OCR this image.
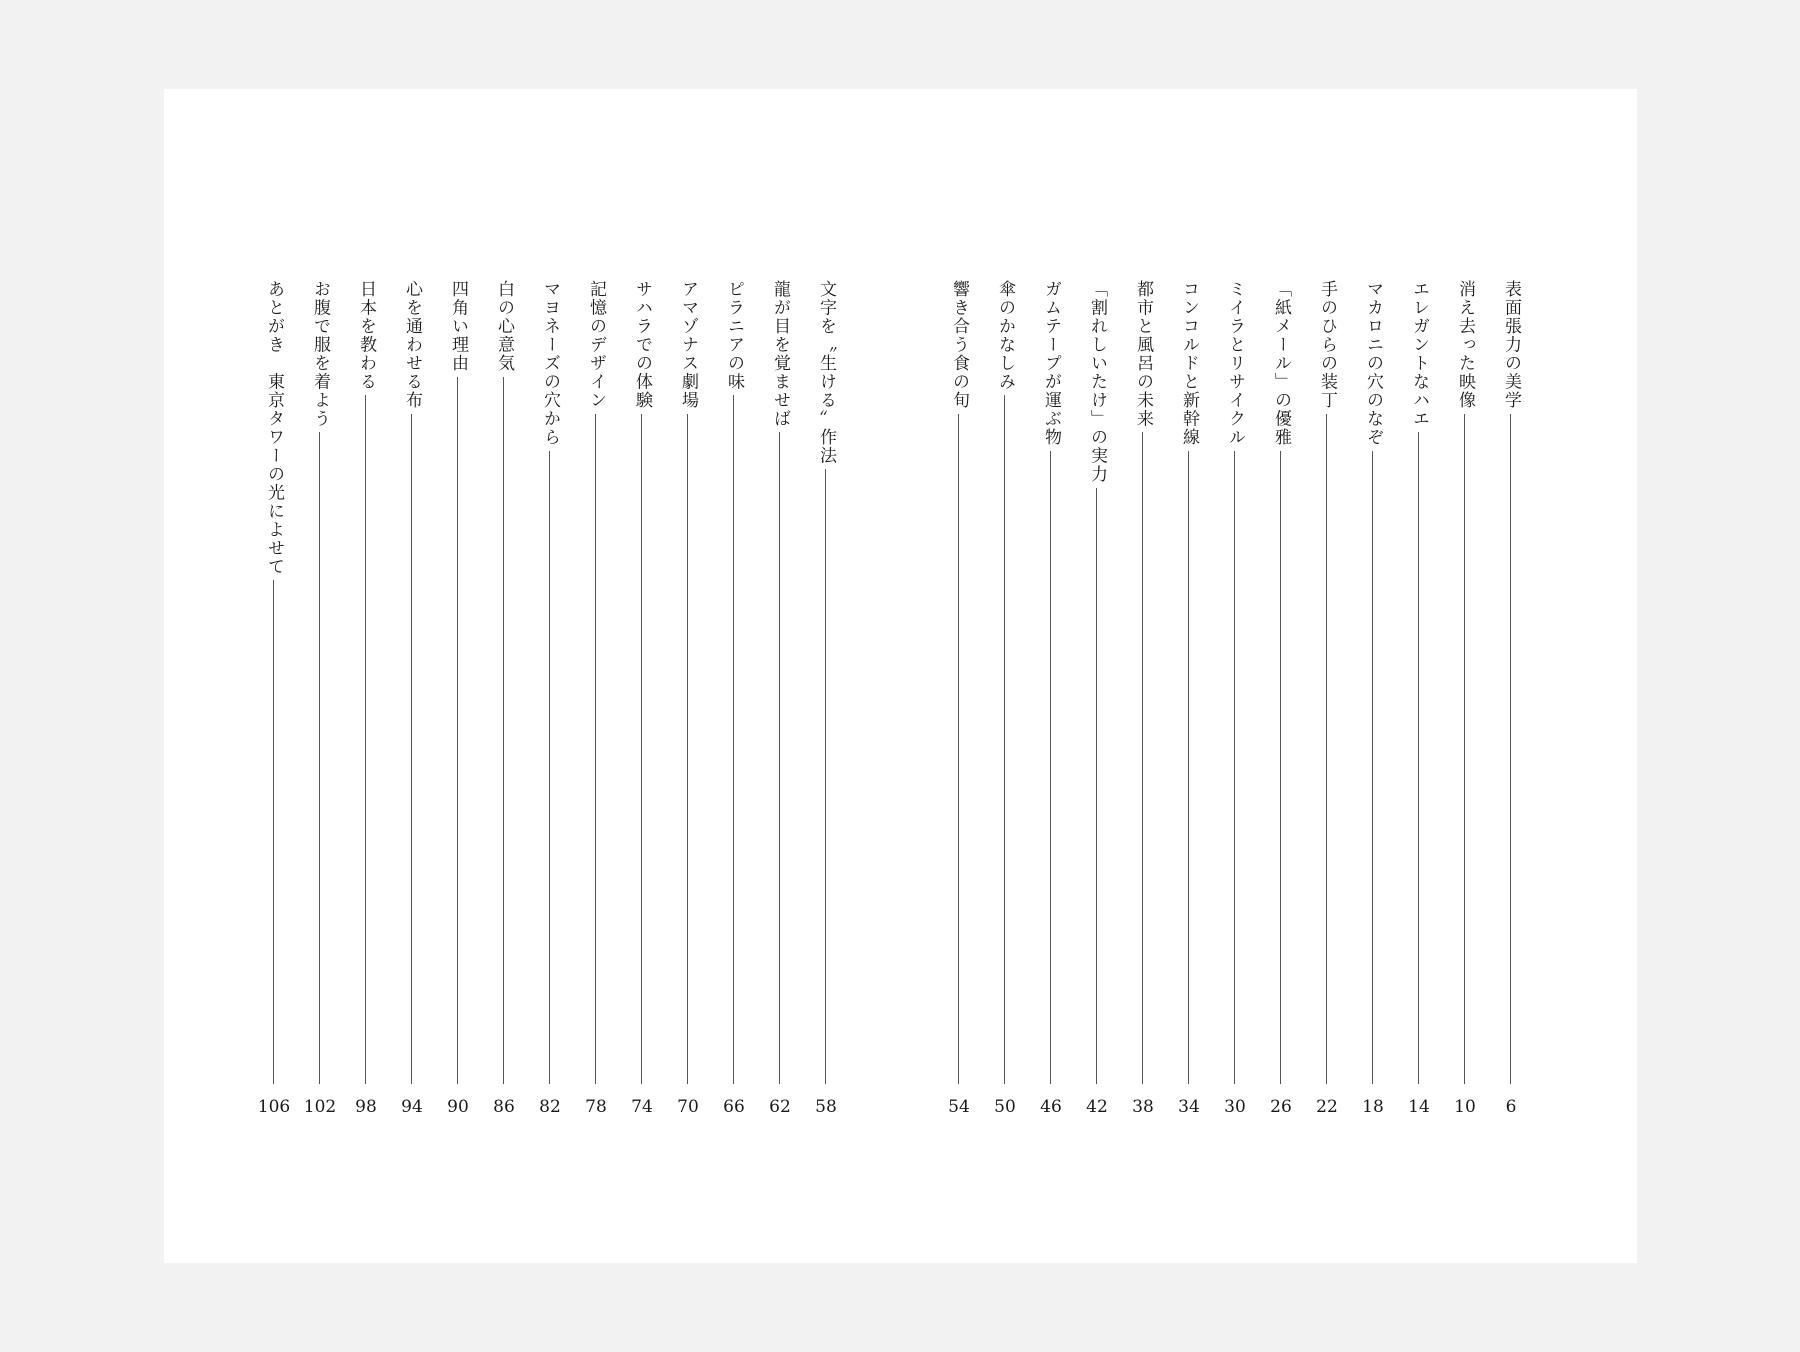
表面張力の美学
6
消え去った映像
10
エレガントなハエ
14
マカロニの穴のなぞ
18
手のひらの装丁
22
「紙メール」の優雅
26
ミイラとリサイクル
30
コンコルドと新幹線
34
都市と風呂の未来
38
「割れしいたけ」の実力
42
ガムテープが運ぶ物
46
傘のかなしみ
50
響き合う食の旬
54
文字を〝生ける〟作法
58
龍が目を覚ませば
62
ピラニアの味
66
アマゾナス劇場
70
サハラでの体験
74
記憶のデザイン
78
マヨネーズの穴から
82
白の心意気
86
四角い理由
90
心を通わせる布
94
日本を教わる
98
お腹で服を着よう
102
あとがき　東京タワーの光によせて
106
